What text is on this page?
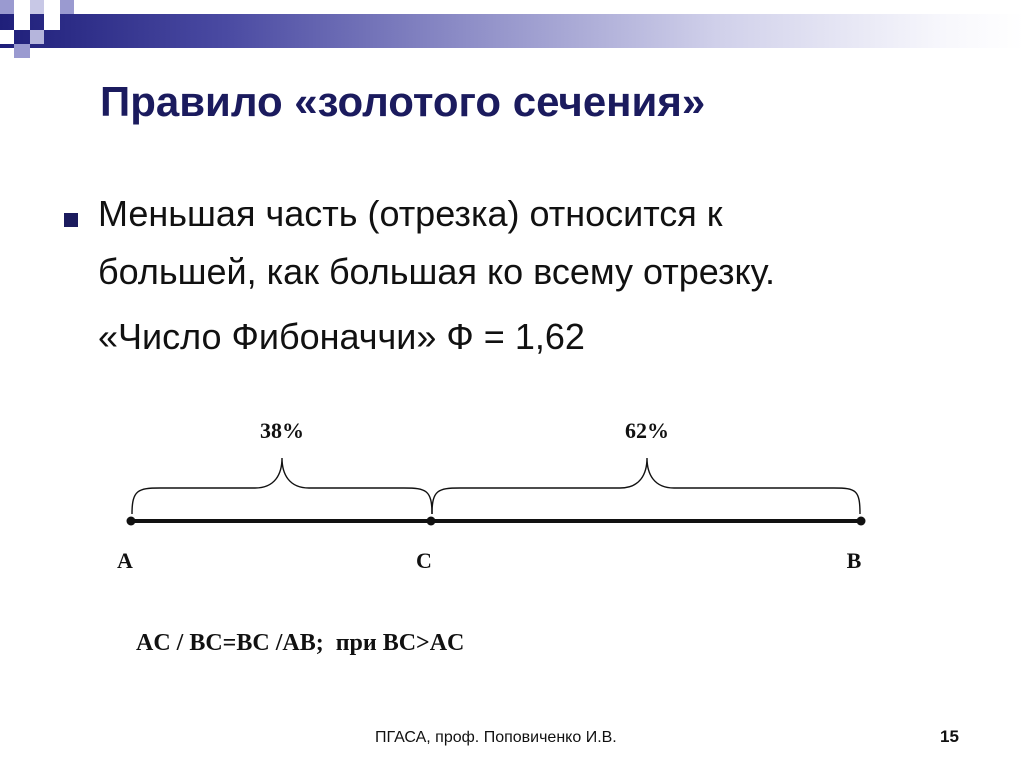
Правило «золотого сечения»
Меньшая часть (отрезка) относится к
большей, как большая ко всему отрезку.
«Число Фибоначчи» Ф = 1,62
38%	62%
A	C	B
AC / BC=BC /AB;  при BC>AC
ПГАСА, проф. Поповиченко И.В.	15
